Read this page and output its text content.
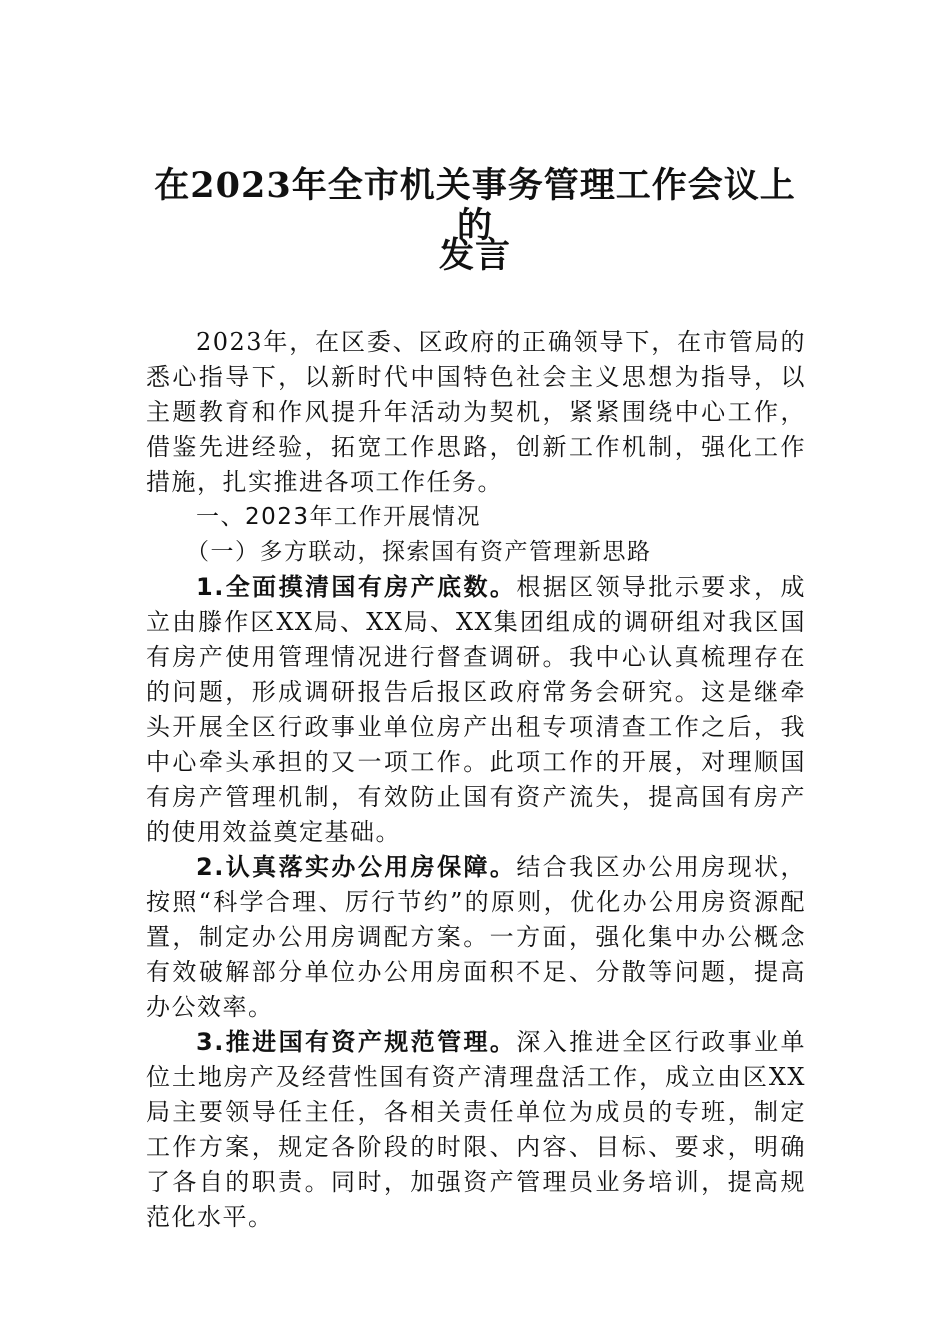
在2023年全市机关事务管理工作会议上的
发言

2023年，在区委、区政府的正确领导下，在市管局的悉心指导下，以新时代中国特色社会主义思想为指导，以主题教育和作风提升年活动为契机，紧紧围绕中心工作，借鉴先进经验，拓宽工作思路，创新工作机制，强化工作措施，扎实推进各项工作任务。

一、2023年工作开展情况

（一）多方联动，探索国有资产管理新思路

1.全面摸清国有房产底数。根据区领导批示要求，成立由滕作区XX局、XX局、XX集团组成的调研组对我区国有房产使用管理情况进行督查调研。我中心认真梳理存在的问题，形成调研报告后报区政府常务会研究。这是继牵头开展全区行政事业单位房产出租专项清查工作之后，我中心牵头承担的又一项工作。此项工作的开展，对理顺国有房产管理机制，有效防止国有资产流失，提高国有房产的使用效益奠定基础。

2.认真落实办公用房保障。结合我区办公用房现状，按照“科学合理、厉行节约”的原则，优化办公用房资源配置，制定办公用房调配方案。一方面，强化集中办公概念有效破解部分单位办公用房面积不足、分散等问题，提高办公效率。

3.推进国有资产规范管理。深入推进全区行政事业单位土地房产及经营性国有资产清理盘活工作，成立由区XX局主要领导任主任，各相关责任单位为成员的专班，制定工作方案，规定各阶段的时限、内容、目标、要求，明确了各自的职责。同时，加强资产管理员业务培训，提高规范化水平。
